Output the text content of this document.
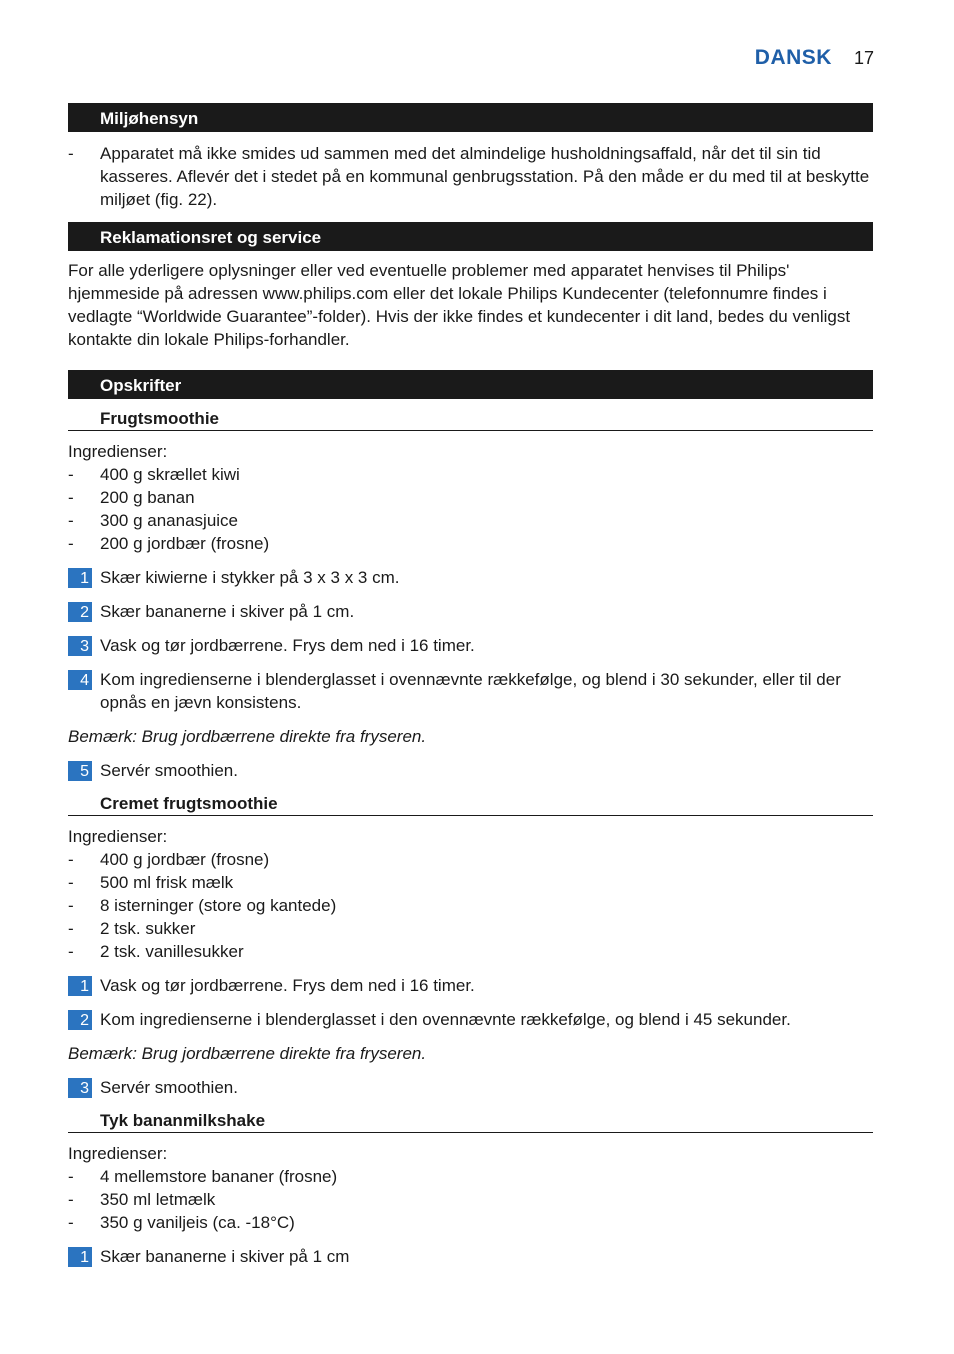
DANSK 17
Miljøhensyn
-	Apparatet må ikke smides ud sammen med det almindelige husholdningsaffald, når det til sin tid kasseres. Aflevér det i stedet på en kommunal genbrugsstation. På den måde er du med til at beskytte miljøet (fig. 22).
Reklamationsret og service
For alle yderligere oplysninger eller ved eventuelle problemer med apparatet henvises til Philips' hjemmeside på adressen www.philips.com eller det lokale Philips Kundecenter (telefonnumre findes i vedlagte “Worldwide Guarantee”-folder). Hvis der ikke findes et kundecenter i dit land, bedes du venligst kontakte din lokale Philips-forhandler.
Opskrifter
Frugtsmoothie
Ingredienser:
-	400 g skrællet kiwi
-	200 g banan
-	300 g ananasjuice
-	200 g jordbær (frosne)
1 Skær kiwierne i stykker på 3 x 3 x 3 cm.
2 Skær bananerne i skiver på 1 cm.
3 Vask og tør jordbærrene. Frys dem ned i 16 timer.
4 Kom ingredienserne i blenderglasset i ovennævnte rækkefølge, og blend i 30 sekunder, eller til der opnås en jævn konsistens.
Bemærk: Brug jordbærrene direkte fra fryseren.
5 Servér smoothien.
Cremet frugtsmoothie
Ingredienser:
-	400 g jordbær (frosne)
-	500 ml frisk mælk
-	8 isterninger (store og kantede)
-	2 tsk. sukker
-	2 tsk. vanillesukker
1 Vask og tør jordbærrene. Frys dem ned i 16 timer.
2 Kom ingredienserne i blenderglasset i den ovennævnte rækkefølge, og blend i 45 sekunder.
Bemærk: Brug jordbærrene direkte fra fryseren.
3 Servér smoothien.
Tyk bananmilkshake
Ingredienser:
-	4 mellemstore bananer (frosne)
-	350 ml letmælk
-	350 g vaniljeis (ca. -18°C)
1 Skær bananerne i skiver på 1 cm
